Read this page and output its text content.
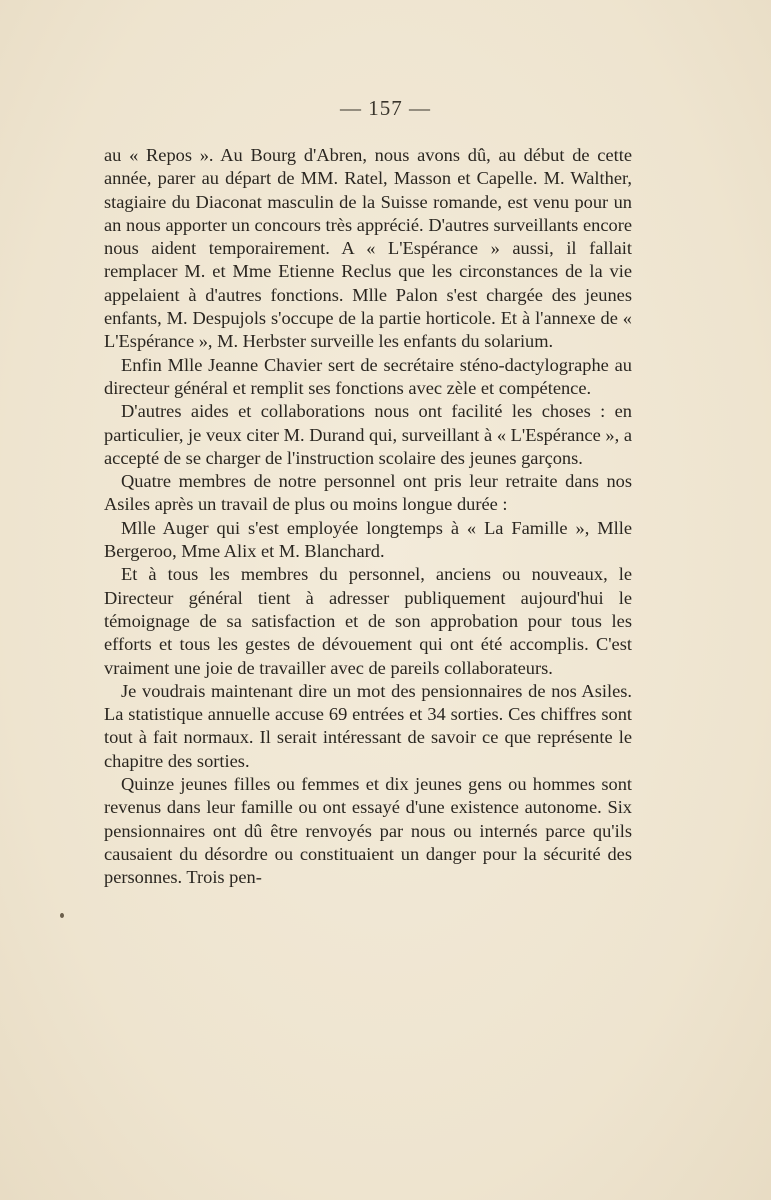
— 157 —

au « Repos ». Au Bourg d'Abren, nous avons dû, au début de cette année, parer au départ de MM. Ratel, Masson et Capelle. M. Walther, stagiaire du Diaconat masculin de la Suisse romande, est venu pour un an nous apporter un concours très apprécié. D'autres surveillants encore nous aident temporairement. A « L'Espérance » aussi, il fallait remplacer M. et Mme Etienne Reclus que les circonstances de la vie appelaient à d'autres fonctions. Mlle Palon s'est chargée des jeunes enfants, M. Despujols s'occupe de la partie horticole. Et à l'annexe de « L'Espérance », M. Herbster surveille les enfants du solarium.

Enfin Mlle Jeanne Chavier sert de secrétaire sténo-dactylographe au directeur général et remplit ses fonctions avec zèle et compétence.

D'autres aides et collaborations nous ont facilité les choses : en particulier, je veux citer M. Durand qui, surveillant à « L'Espérance », a accepté de se charger de l'instruction scolaire des jeunes garçons.

Quatre membres de notre personnel ont pris leur retraite dans nos Asiles après un travail de plus ou moins longue durée :

Mlle Auger qui s'est employée longtemps à « La Famille », Mlle Bergeroo, Mme Alix et M. Blanchard.

Et à tous les membres du personnel, anciens ou nouveaux, le Directeur général tient à adresser publiquement aujourd'hui le témoignage de sa satisfaction et de son approbation pour tous les efforts et tous les gestes de dévouement qui ont été accomplis. C'est vraiment une joie de travailler avec de pareils collaborateurs.

Je voudrais maintenant dire un mot des pensionnaires de nos Asiles. La statistique annuelle accuse 69 entrées et 34 sorties. Ces chiffres sont tout à fait normaux. Il serait intéressant de savoir ce que représente le chapitre des sorties.

Quinze jeunes filles ou femmes et dix jeunes gens ou hommes sont revenus dans leur famille ou ont essayé d'une existence autonome. Six pensionnaires ont dû être renvoyés par nous ou internés parce qu'ils causaient du désordre ou constituaient un danger pour la sécurité des personnes. Trois pen-
